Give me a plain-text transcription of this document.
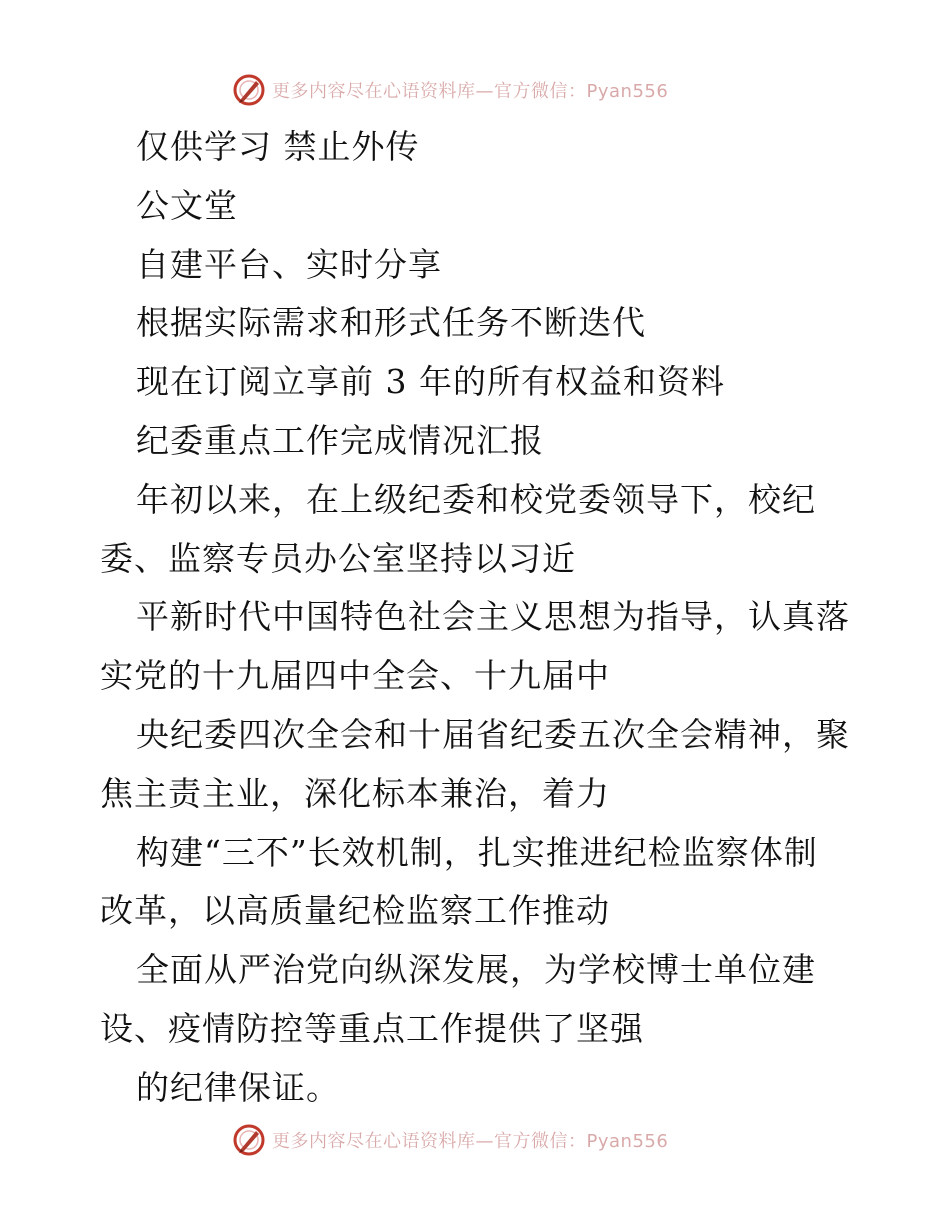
更多内容尽在心语资料库—官方微信：Pyan556
仅供学习 禁止外传
公文堂
自建平台、实时分享
根据实际需求和形式任务不断迭代
现在订阅立享前 3 年的所有权益和资料
纪委重点工作完成情况汇报
年初以来，在上级纪委和校党委领导下，校纪
委、监察专员办公室坚持以习近
平新时代中国特色社会主义思想为指导，认真落
实党的十九届四中全会、十九届中
央纪委四次全会和十届省纪委五次全会精神，聚
焦主责主业，深化标本兼治，着力
构建“三不”长效机制，扎实推进纪检监察体制
改革，以高质量纪检监察工作推动
全面从严治党向纵深发展，为学校博士单位建
设、疫情防控等重点工作提供了坚强
的纪律保证。
更多内容尽在心语资料库—官方微信：Pyan556
